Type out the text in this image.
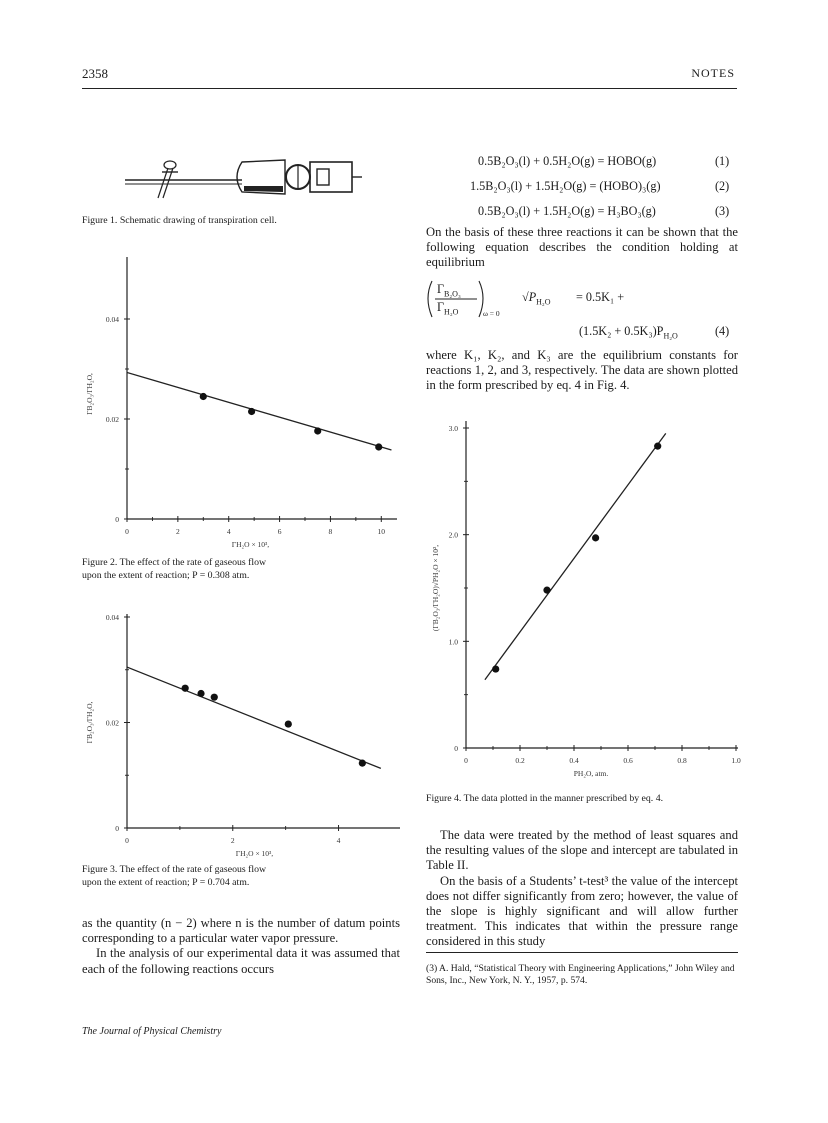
2358	NOTES
Figure 1. Schematic drawing of transpiration cell.
0	2	4	6	8	10
0
0.02
0.04
ΓH₂O × 10³,
ΓB₂O₃/ΓH₂O,
Figure 2. The effect of the rate of gaseous flow
upon the extent of reaction; P = 0.308 atm.
0	2	4
0
0.02
0.04
ΓH₂O × 10³,
ΓB₂O₃/ΓH₂O,
Figure 3. The effect of the rate of gaseous flow
upon the extent of reaction; P = 0.704 atm.

as the quantity (n − 2) where n is the number of datum points corresponding to a particular water vapor pressure.

In the analysis of our experimental data it was assumed that each of the following reactions occurs

0.5B₂O₃(l) + 0.5H₂O(g) = HOBO(g)	(1)
1.5B₂O₃(l) + 1.5H₂O(g) = (HOBO)₃(g)	(2)
0.5B₂O₃(l) + 1.5H₂O(g) = H₃BO₃(g)	(3)
On the basis of these three reactions it can be shown that the following equation describes the condition holding at equilibrium
$\Gamma_{B_2O_3}$
$\Gamma_{H_2O}$	ω = 0
$√P_{H_2O} = 0.5K_1$ +
$(1.5K_2 + 0.5K_3)P_{H_2O}$	(4)
where K₁, K₂, and K₃ are the equilibrium constants for reactions 1, 2, and 3, respectively. The data are shown plotted in the form prescribed by eq. 4 in Fig. 4.
0	0.2	0.4	0.6	0.8	1.0
0
1.0
2.0
3.0
PH₂O, atm.
(ΓB₂O₃/ΓH₂O)√PH₂O × 10²,
Figure 4. The data plotted in the manner prescribed by eq. 4.

The data were treated by the method of least squares and the resulting values of the slope and intercept are tabulated in Table II.

On the basis of a Students’ t-test³ the value of the intercept does not differ significantly from zero; however, the value of the slope is highly significant and will allow further treatment. This indicates that within the pressure range considered in this study

(3) A. Hald, “Statistical Theory with Engineering Applications,” John Wiley and Sons, Inc., New York, N. Y., 1957, p. 574.
The Journal of Physical Chemistry
